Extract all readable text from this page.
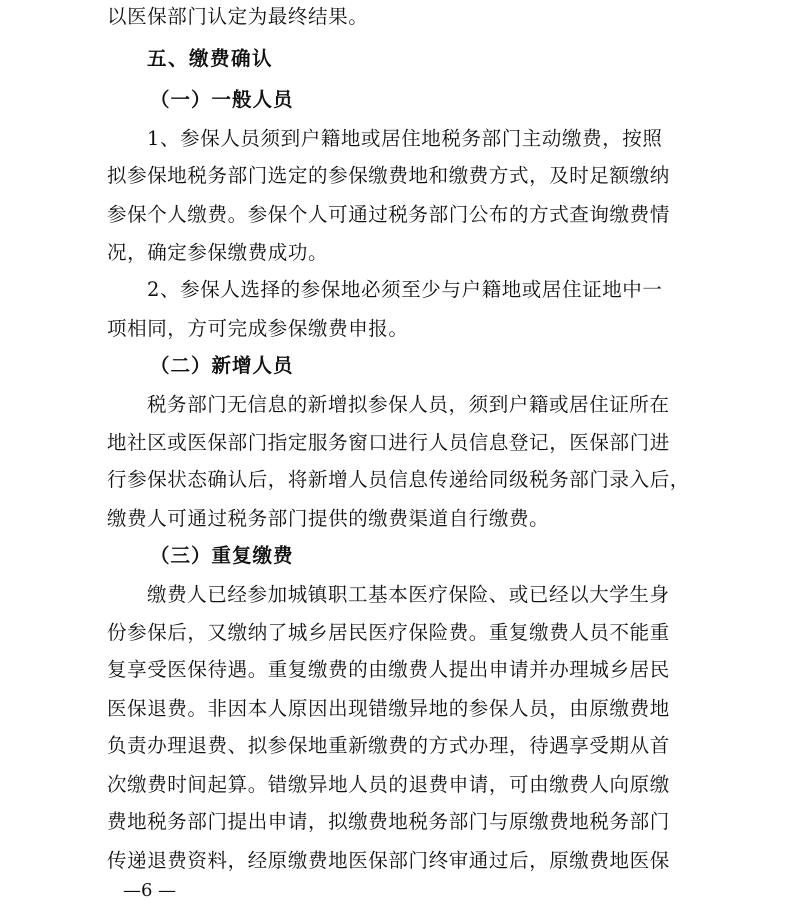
以医保部门认定为最终结果。
五、缴费确认
（一）一般人员
1、参保人员须到户籍地或居住地税务部门主动缴费，按照
拟参保地税务部门选定的参保缴费地和缴费方式，及时足额缴纳
参保个人缴费。参保个人可通过税务部门公布的方式查询缴费情
况，确定参保缴费成功。
2、参保人选择的参保地必须至少与户籍地或居住证地中一
项相同，方可完成参保缴费申报。
（二）新增人员
税务部门无信息的新增拟参保人员，须到户籍或居住证所在
地社区或医保部门指定服务窗口进行人员信息登记，医保部门进
行参保状态确认后，将新增人员信息传递给同级税务部门录入后，
缴费人可通过税务部门提供的缴费渠道自行缴费。
（三）重复缴费
缴费人已经参加城镇职工基本医疗保险、或已经以大学生身
份参保后，又缴纳了城乡居民医疗保险费。重复缴费人员不能重
复享受医保待遇。重复缴费的由缴费人提出申请并办理城乡居民
医保退费。非因本人原因出现错缴异地的参保人员，由原缴费地
负责办理退费、拟参保地重新缴费的方式办理，待遇享受期从首
次缴费时间起算。错缴异地人员的退费申请，可由缴费人向原缴
费地税务部门提出申请，拟缴费地税务部门与原缴费地税务部门
传递退费资料，经原缴费地医保部门终审通过后，原缴费地医保
—6 —
